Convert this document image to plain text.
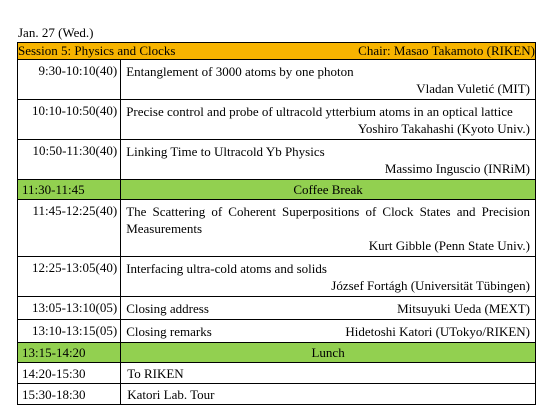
Jan. 27 (Wed.)
Session 5: Physics and Clocks Chair: Masao Takamoto (RIKEN)	

9:30-10:10(40)	Entanglement of 3000 atoms by one photon
Vladan Vuletić (MIT)

10:10-10:50(40)	Precise control and probe of ultracold ytterbium atoms in an optical lattice
Yoshiro Takahashi (Kyoto Univ.)

10:50-11:30(40)	Linking Time to Ultracold Yb Physics
Massimo Inguscio (INRiM)

11:30-11:45	Coffee Break
11:45-12:25(40)	The Scattering of Coherent Superpositions of Clock States and Precision Measurements
Kurt Gibble (Penn State Univ.)

12:25-13:05(40)	Interfacing ultra-cold atoms and solids
József Fortágh (Universität Tübingen)

13:05-13:10(05)	Closing address Mitsuyuki Ueda (MEXT)

13:10-13:15(05)	Closing remarks Hidetoshi Katori (UTokyo/RIKEN)

13:15-14:20	Lunch
14:20-15:30	To RIKEN
15:30-18:30	Katori Lab. Tour
